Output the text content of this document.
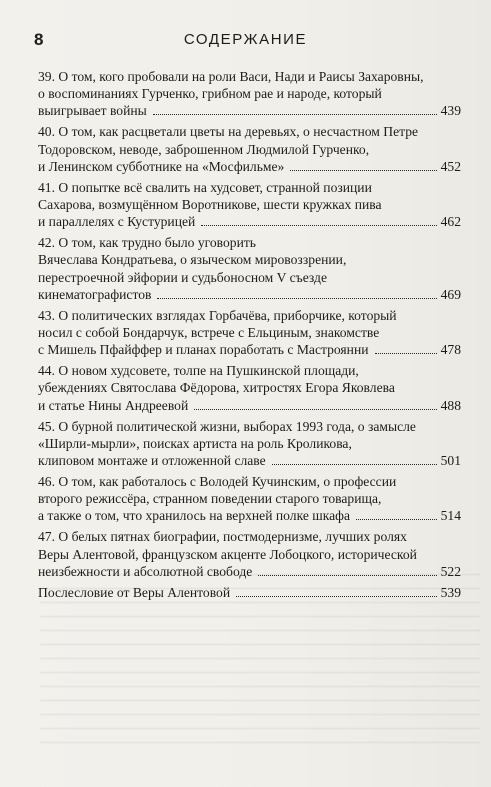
8	СОДЕРЖАНИЕ
39. О том, кого пробовали на роли Васи, Нади и Раисы Захаровны,
о воспоминаниях Гурченко, грибном рае и народе, который
выигрывает войны	439
40. О том, как расцветали цветы на деревьях, о несчастном Петре
Тодоровском, неводе, заброшенном Людмилой Гурченко,
и Ленинском субботнике на «Мосфильме»	452
41. О попытке всё свалить на худсовет, странной позиции
Сахарова, возмущённом Воротникове, шести кружках пива
и параллелях с Кустурицей	462
42. О том, как трудно было уговорить
Вячеслава Кондратьева, о языческом мировоззрении,
перестроечной эйфории и судьбоносном V съезде
кинематографистов	469
43. О политических взглядах Горбачёва, приборчике, который
носил с собой Бондарчук, встрече с Ельциным, знакомстве
с Мишель Пфайффер и планах поработать с Мастроянни	478
44. О новом худсовете, толпе на Пушкинской площади,
убеждениях Святослава Фёдорова, хитростях Егора Яковлева
и статье Нины Андреевой	488
45. О бурной политической жизни, выборах 1993 года, о замысле
«Ширли-мырли», поисках артиста на роль Кроликова,
клиповом монтаже и отложенной славе	501
46. О том, как работалось с Володей Кучинским, о профессии
второго режиссёра, странном поведении старого товарища,
а также о том, что хранилось на верхней полке шкафа	514
47. О белых пятнах биографии, постмодернизме, лучших ролях
Веры Алентовой, французском акценте Лобоцкого, исторической
неизбежности и абсолютной свободе	522
Послесловие от Веры Алентовой	539
